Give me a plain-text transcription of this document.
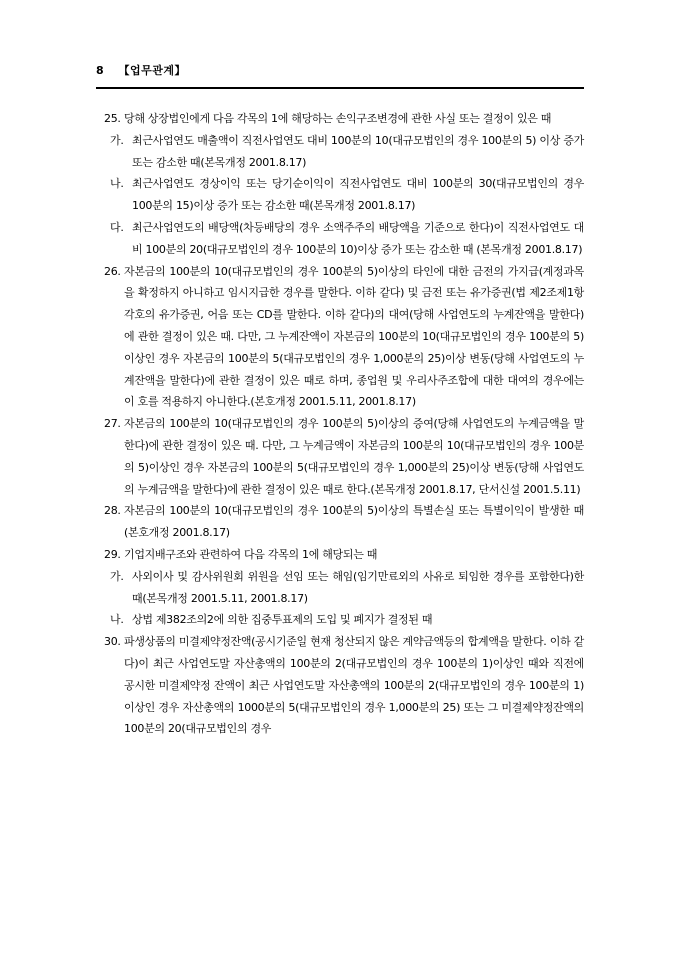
8 【업무관계】
25. 당해 상장법인에게 다음 각목의 1에 해당하는 손익구조변경에 관한 사실 또는 결정이 있은 때
가. 최근사업연도 매출액이 직전사업연도 대비 100분의 10(대규모법인의 경우 100분의 5) 이상 증가 또는 감소한 때(본목개정 2001.8.17)
나. 최근사업연도 경상이익 또는 당기순이익이 직전사업연도 대비 100분의 30(대규모법인의 경우 100분의 15)이상 증가 또는 감소한 때(본목개정 2001.8.17)
다. 최근사업연도의 배당액(차등배당의 경우 소액주주의 배당액을 기준으로 한다)이 직전사업연도 대비 100분의 20(대규모법인의 경우 100분의 10)이상 증가 또는 감소한 때 (본목개정 2001.8.17)
26. 자본금의 100분의 10(대규모법인의 경우 100분의 5)이상의 타인에 대한 금전의 가지급(계정과목을 확정하지 아니하고 임시지급한 경우를 말한다. 이하 같다) 및 금전 또는 유가증권(법 제2조제1항 각호의 유가증권, 어음 또는 CD를 말한다. 이하 같다)의 대여(당해 사업연도의 누계잔액을 말한다)에 관한 결정이 있은 때. 다만, 그 누계잔액이 자본금의 100분의 10(대규모법인의 경우 100분의 5)이상인 경우 자본금의 100분의 5(대규모법인의 경우 1,000분의 25)이상 변동(당해 사업연도의 누계잔액을 말한다)에 관한 결정이 있은 때로 하며, 종업원 및 우리사주조합에 대한 대여의 경우에는 이 호를 적용하지 아니한다.(본호개정 2001.5.11, 2001.8.17)
27. 자본금의 100분의 10(대규모법인의 경우 100분의 5)이상의 증여(당해 사업연도의 누계금액을 말한다)에 관한 결정이 있은 때. 다만, 그 누계금액이 자본금의 100분의 10(대규모법인의 경우 100분의 5)이상인 경우 자본금의 100분의 5(대규모법인의 경우 1,000분의 25)이상 변동(당해 사업연도의 누계금액을 말한다)에 관한 결정이 있은 때로 한다.(본목개정 2001.8.17, 단서신설 2001.5.11)
28. 자본금의 100분의 10(대규모법인의 경우 100분의 5)이상의 특별손실 또는 특별이익이 발생한 때(본호개정 2001.8.17)
29. 기업지배구조와 관련하여 다음 각목의 1에 해당되는 때
가. 사외이사 및 감사위원회 위원을 선임 또는 해임(임기만료외의 사유로 퇴임한 경우를 포함한다)한 때(본목개정 2001.5.11, 2001.8.17)
나. 상법 제382조의2에 의한 집중투표제의 도입 및 폐지가 결정된 때
30. 파생상품의 미결제약정잔액(공시기준일 현재 청산되지 않은 계약금액등의 합계액을 말한다. 이하 같다)이 최근 사업연도말 자산총액의 100분의 2(대규모법인의 경우 100분의 1)이상인 때와 직전에 공시한 미결제약정 잔액이 최근 사업연도말 자산총액의 100분의 2(대규모법인의 경우 100분의 1)이상인 경우 자산총액의 1000분의 5(대규모법인의 경우 1,000분의 25) 또는 그 미결제약정잔액의 100분의 20(대규모법인의 경우
